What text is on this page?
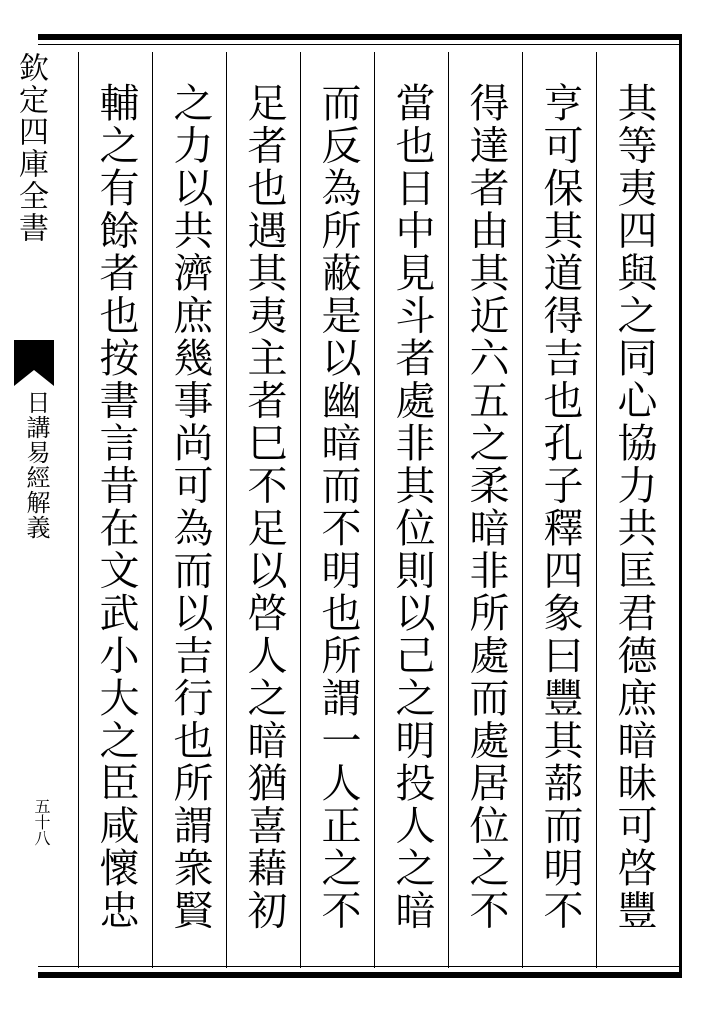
欽定四庫全書
日講易經解義
五十八	其等夷四與之同心協力共匡君德庶暗昧可啓豐
亨可保其道得吉也孔子釋四象曰豐其蔀而明不
得達者由其近六五之柔暗非所處而處居位之不
當也日中見斗者處非其位則以己之明投人之暗
而反為所蔽是以幽暗而不明也所謂一人正之不
足者也遇其夷主者巳不足以啓人之暗猶喜藉初
之力以共濟庶幾事尚可為而以吉行也所謂衆賢
輔之有餘者也按書言昔在文武小大之臣咸懷忠
